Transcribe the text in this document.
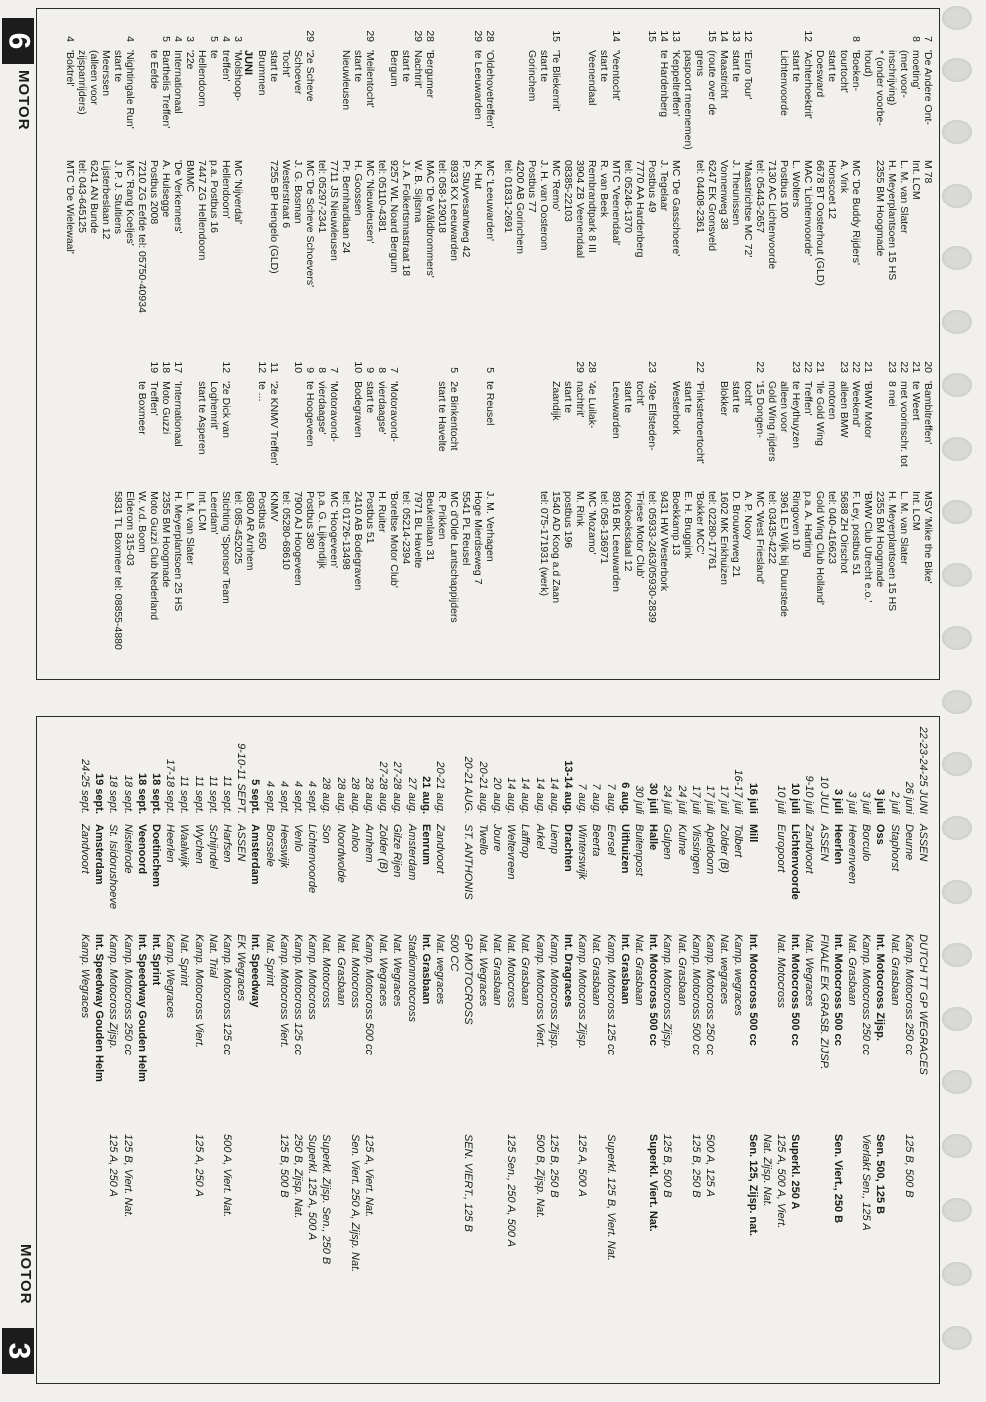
6
MOTOR
7
'De Andere Ont-
M 78
8
moeting'
Int. LCM
(met voor-
L. M. van Slater
inschrijving)
H. Meyerplantsoen 15 HS
* (onder voorbe-
2355 BM Hoogmade
houd)
8
'Boeken-
MC 'De Buddy Rijders'
tourtocht'
A. Vink
start te
Honscoet 12
Doesward
6678 BT Oosterhout (GLD)
12
'Achterhoektrit'
MAC 'Lichtenvoorde'
start te
L. Wolters
Lichtenvoorde
Postbus 100
7130 AC Lichtenvoorde
tel: 05443-2657
12
'Euro Tour'
'Maastrichtse MC 72'
13
start te
J. Theunissen
14
Maastricht
Vonnenweg 38
15
(route over de
6247 EK Gronsveld
grens
tel: 04408-2361
paspoort meenemen)
13
'Keppeltreffen'
MC 'De Gasschoere'
14
te Hardenberg
J. Tegelaar
15
Postbus 49
7770 AA Hardenberg
tel: 05246-1370
14
'Veentocht'
MTC 'Veenendaal'
start te
R. van Beek
Veenendaal
Rembrandtpark 8 III
3904 ZB Veenendaal
08385-22103
15
'Te Bliekenrit'
MC 'Remo'
start te
J. H. van Oosterom
Gorinchem
Postbus 77
4200 AB Gorinchem
tel: 01831-2691
20
'Bambitreffen'
MSV 'Mike the Bike'
21
te Weert
Int. LCM
22
met voorinschr. tot
L. M. van Slater
23
8 mei
H. Meyerplantsoen 15 HS
2355 BM Hoogmade
21
'BMW Motor
'BMW Club Utrecht e.o.'
22
Weekend'
F. Ley, postbus 51
23
alleen BMW
5688 ZH Oirschot
motoren
tel: 040-416623
21
'Ile Gold Wing
Gold Wing Club Holland'
22
Treffen'
p.a. A. Harting
23
te Heythuyzen
Ringoven 10
alleen voor
3961 EJ Wijk bij Duurstede
Gold Wing rijders
tel: 03435-4222
22
'15 Dongen-
MC 'West Friesland'
tocht'
A. P. Nooy
start te
D. Brouwerweg 21
Blokker
1602 MK Enkhuizen
tel: 02280-17761
22
'Pinkstertoertocht'
'Bokker MCC'
start te
E. H. Bruggink
Westerbork
Boekkamp 13
9431 HW Westerbork
23
'49e Elfsteden-
tel: 05933-2463/05930-2839
tocht'
'Friese Motor Club'
start te
Koekoeksdaal 12
Leeuwarden
8916 BK Leeuwarden
tel: 058-136971
28
'4e Luilak-
MC 'Mozamo'
29
nachtrit'
M. Rink
start te
postbus 196
Zaandijk
1540 AD Koog a.d Zaan
tel: 075-171931 (werk)
28
'Oldehovetreffen'
MC 'Leeuwarden'
29
te Leeuwarden
K. Hut
P. Stuyvesantweg 42
8933 KX Leeuwarden
tel: 058-129018
28
'Bergumer
MAC 'De Wâldbrommers'
29
Nachtrit'
W. B. Sijtsma
start te
J. A. Folkertsmastraat 18
Bergum
9257 WL Noard Bergum
tel: 05110-4381
29
'Meilentocht'
MC 'Nieuwleusen'
start te
H. Goossen
Nieuwleusen
Pr. Bernhardlaan 24
7711 JS Nieuwleusen
tel: 05297-2341
29
'2e Scheve
MC 'De Scheve Schoevers'
Schoever
J. G. Bosman
Tocht'
Westerstraat 6
start te
7255 BP Hengelo (GLD)
Brummen
JUNI
3
'Molshoop-
MC 'Nijverdal'
4
treffen'
Hellendoorn'
5
te
p.a. Postbus 16
Hellendoorn
7447 ZG Hellendoorn
3
'22e
BMMC
4
Internationaal
'De Verkenners'
5
Barthelis Treffen'
A. Hulsegge
te Eefde
Postbus 2008
7210 ZG Eefde tel: 05750-40934
4
'Nightingale Run'
MC 'Rang Koeljes'
start te
J. P. J. Stultiens
Meerssen
Lijsterbeslaan 12
(alleen voor
6241 AN Bunde
zijspanrijders)
tel: 043-645125
4
'Boktrel'
MTC 'De Wielewaal'
5
te Reusel
J. M. Verhagen
Hoge Mierdseweg 7
5541 PL Reusel
5
2e Binkentocht
MC d'Olde Lantschappijders
start te Havelte
R. Prikken
Beukenlaan 31
7971 BL Havelte
tel: 05214-2394
7
'Motoravond-
'Boreltse Motor Club'
8
vierdaagse'
H. Ruiter
9
start te
Postbus 51
10
Bodegraven
2410 AB Bodegraven
tel: 01726-13498
7
'Motoravond-
MC 'Hoogeveen'
8
vierdaagse'
p.a. G. Lijkendijk
9
te Hoogeveen
Postbus 380
10
7900 AJ Hoogeveen
tel: 05280-68610
11
'2e KNMV Treffen'
KNMV
12
te ...
Postbus 650
6800 AR Arnhem
tel: 085-452025
12
'2e Dick van
Stichting 'Sponsor Team
Loghemrit'
Leerdam'
start te Asperen
Int. LCM
L. M. van Slater
17
'Internationaal
H. Meyerplantsoen 25 HS
18
Moto Guzzi
2355 BM Hoogmade
19
Treffen'
Moto Guzzi Club Nederland
te Boxmeer
W. v.d. Boom
Elderom 315-03
5831 TL Boxmeer tel: 08855-4880
MOTOR
3
22-23-24-25 JUNI
ASSEN
DUTCH TT GP WEGRACES
26 juni
Deurne
Kamp. Motocross 250 cc
125 B, 500 B
2 juli
Staphorst
Nat. Grasbaan
3 juli
Oss
Int. Motocross Zijsp.
Sen. 500, 125 B
3 juli
Borculo
Kamp. Motocross 250 cc
Vierlakt Sen., 125 A
3 juli
Heerenveen
Nat. Grasbaan
3 juli
Heerlen
Int. Motocross 500 cc
Sen. Viert., 250 B
10 JULI
ASSEN
FINALE EK GRASB. ZIJSP.
9-10 juli
Zandvoort
Nat. Wegraces
10 juli
Lichtenvoorde
Int. Motocross 500 cc
Superkl. 250 A
10 juli
Europoort
Nat. Motocross
125 A, 500 A, Viert.
Nat. Zijsp. Nat.
16 juli
Mill
Int. Motocross 500 cc
Sen. 125, Zijsp. nat.
16-17 juli
Tolbert
Kamp. wegraces
17 juli
Zolder (B)
Nat. wegraces
17 juli
Apeldoorn
Kamp. Motocross 250 cc
500 A, 125 A
17 juli
Vlissingen
Kamp. Motocross 500 cc
125 B, 250 B
24 juli
Kulme
Nat. Grasbaan
24 juli
Gulpen
Kamp. Motocross Zijsp.
125 B, 500 B
30 juli
Halle
Int. Motocross 500 cc
Superkl. Viert. Nat.
30 juli
Buitenpost
Nat. Grasbaan
6 aug.
Uithuizen
Int. Grasbaan
7 aug.
Eersel
Kamp. Motocross 125 cc
Superkl. 125 B, Viert. Nat.
7 aug.
Beerta
Nat. Grasbaan
7 aug.
Winterswijk
Kamp. Motocross Zijsp.
125 A, 500 A
13-14 aug.
Drachten
Int. Dragraces
14 aug.
Liemp
Kamp. Motocross Zijsp.
125 B, 250 B
14 aug.
Arkel
Kamp. Motocross Viert.
500 B, Zijsp. Nat.
14 aug.
Laffrop
Nat. Grasbaan
14 aug.
Weltevreen
Nat. Motocross
125 Sen., 250 A, 500 A
20 aug.
Joure
Nat. Grasbaan
20-21 aug.
Twello
Nat. Wegraces
20-21 AUG.
ST. ANTHONIS
GP MOTOCROSS
SEN. VIERT., 125 B
500 CC
20-21 aug.
Zandvoort
Nat. wegraces
21 aug.
Eenrum
Int. Grasbaan
27 aug.
Amsterdam
Stadionmotocross
27-28 aug.
Gilze Rijen
Nat. Wegraces
27-28 aug.
Zolder (B)
Nat. Wegraces
28 aug.
Arnhem
Kamp. Motocross 500 cc
125 A, Viert. Nat.
28 aug.
Anloo
Nat. Motocross
Sen. Viert. 250 A, Zijsp. Nat.
28 aug.
Noordwolde
Nat. Grasbaan
28 aug.
Son
Nat. Motocross
Superkl. Zijsp. Sen., 250 B
4 sept.
Lichtenvoorde
Kamp. Motocross
Superkl. 125 A, 500 A
4 sept.
Venlo
Kamp. Motocross 125 cc
250 B, Zijsp. Nat.
4 sept.
Heeswijk
Kamp. Motocross Viert.
125 B, 500 B
4 sept.
Borssele
Nat. Sprint
5 sept.
Amsterdam
Int. Speedway
9-10-11 SEPT.
ASSEN
EK Wegraces
11 sept.
Harfsen
Kamp. Motocross 125 cc
500 A, Viert. Nat.
11 sept.
Schijndel
Nat. Trial
11 sept.
Wychen
Kamp. Motocross Viert.
125 A, 250 A
11 sept.
Waalwijk
Nat. Sprint
17-18 sept.
Heerlen
Kamp. Wegraces
18 sept.
Doetinchem
Int. Sprint
18 sept.
Veenoord
Int. Speedway Gouden Helm
18 sept.
Nistelrode
Kamp. Motocross 250 cc
125 B, Viert. Nat.
18 sept.
St. Isidorushoeve
Kamp. Motocross Zijsp.
125 A, 250 A
19 sept.
Amsterdam
Int. Speedway Gouden Helm
24-25 sept.
Zandvoort
Kamp. Wegraces
